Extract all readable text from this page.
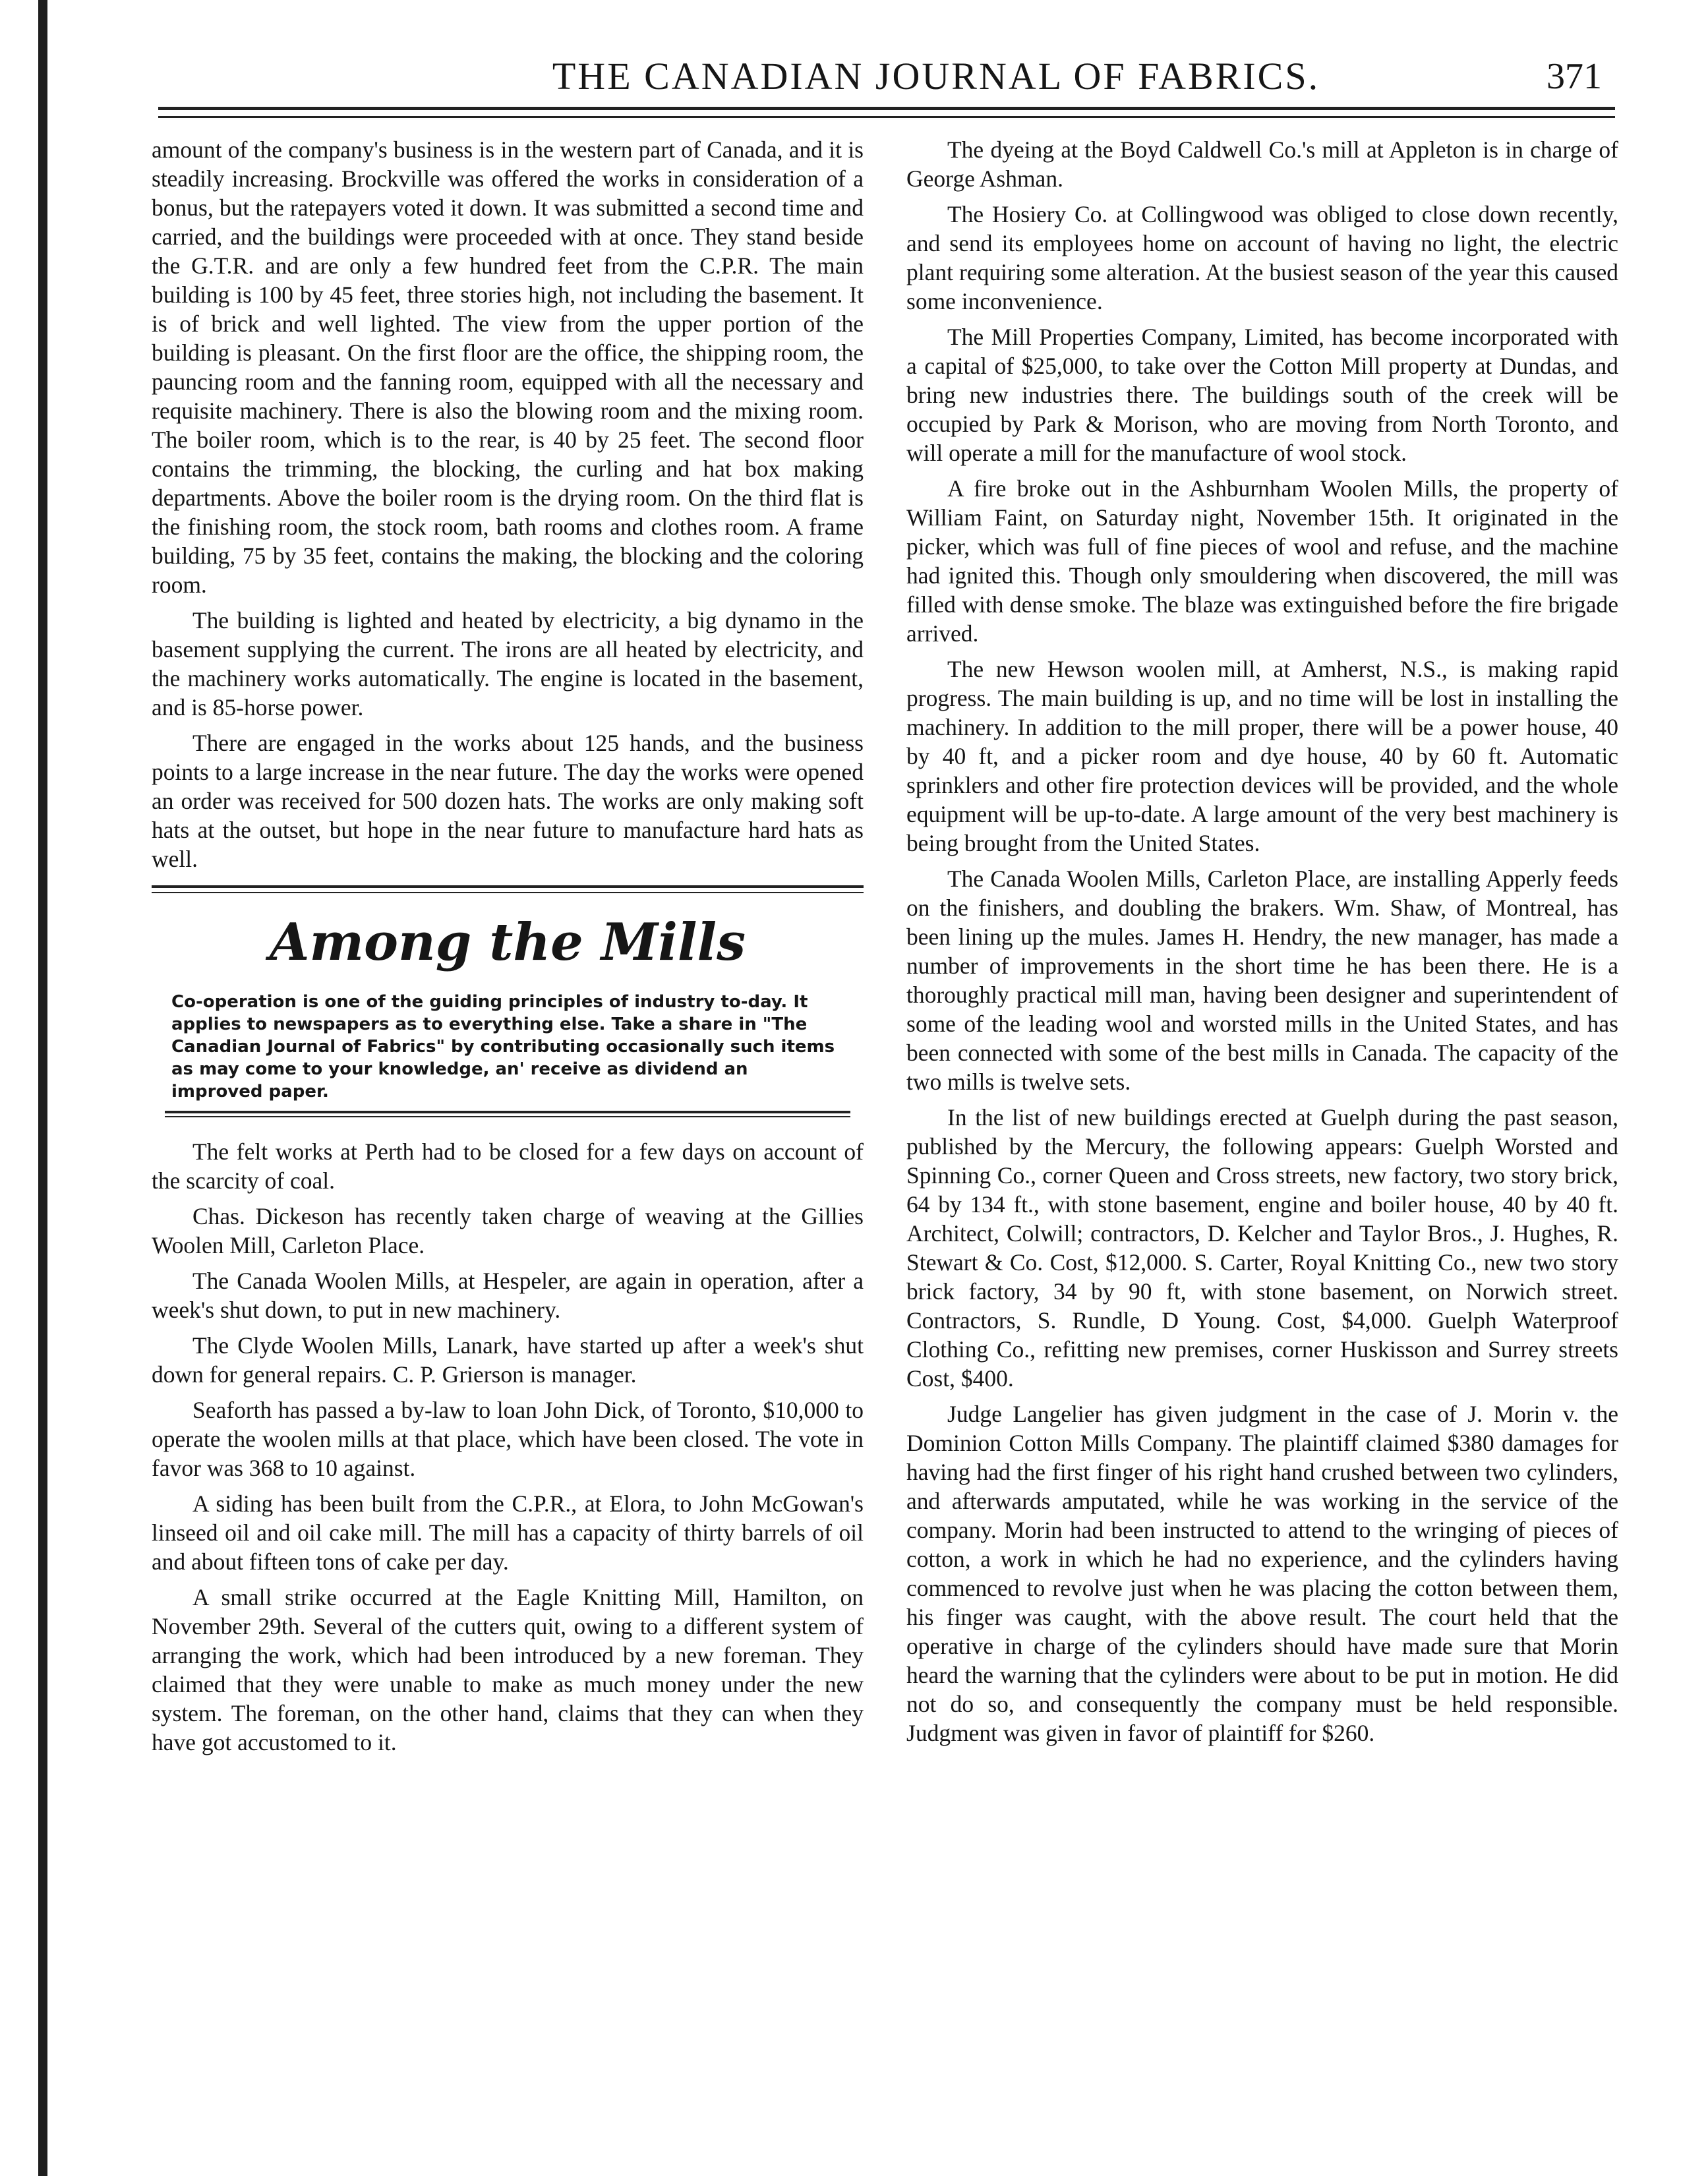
THE CANADIAN JOURNAL OF FABRICS.	371

amount of the company's business is in the western part of Canada, and it is steadily increasing. Brockville was offered the works in consideration of a bonus, but the ratepayers voted it down. It was submitted a second time and carried, and the buildings were proceeded with at once. They stand beside the G.T.R. and are only a few hundred feet from the C.P.R. The main building is 100 by 45 feet, three stories high, not including the basement. It is of brick and well lighted. The view from the upper portion of the building is pleasant. On the first floor are the office, the shipping room, the pauncing room and the fanning room, equipped with all the necessary and requisite machinery. There is also the blowing room and the mixing room. The boiler room, which is to the rear, is 40 by 25 feet. The second floor contains the trimming, the blocking, the curling and hat box making departments. Above the boiler room is the drying room. On the third flat is the finishing room, the stock room, bath rooms and clothes room. A frame building, 75 by 35 feet, contains the making, the blocking and the coloring room.

The building is lighted and heated by electricity, a big dynamo in the basement supplying the current. The irons are all heated by electricity, and the machinery works automatically. The engine is located in the basement, and is 85-horse power.

There are engaged in the works about 125 hands, and the business points to a large increase in the near future. The day the works were opened an order was received for 500 dozen hats. The works are only making soft hats at the outset, but hope in the near future to manufacture hard hats as well.

Among the Mills
Co-operation is one of the guiding principles of industry to-day. It applies to newspapers as to everything else. Take a share in "The Canadian Journal of Fabrics" by contributing occasionally such items as may come to your knowledge, an' receive as dividend an improved paper.

The felt works at Perth had to be closed for a few days on account of the scarcity of coal.

Chas. Dickeson has recently taken charge of weaving at the Gillies Woolen Mill, Carleton Place.

The Canada Woolen Mills, at Hespeler, are again in operation, after a week's shut down, to put in new machinery.

The Clyde Woolen Mills, Lanark, have started up after a week's shut down for general repairs. C. P. Grierson is manager.

Seaforth has passed a by-law to loan John Dick, of Toronto, $10,000 to operate the woolen mills at that place, which have been closed. The vote in favor was 368 to 10 against.

A siding has been built from the C.P.R., at Elora, to John McGowan's linseed oil and oil cake mill. The mill has a capacity of thirty barrels of oil and about fifteen tons of cake per day.

A small strike occurred at the Eagle Knitting Mill, Hamilton, on November 29th. Several of the cutters quit, owing to a different system of arranging the work, which had been introduced by a new foreman. They claimed that they were unable to make as much money under the new system. The foreman, on the other hand, claims that they can when they have got accustomed to it.

The dyeing at the Boyd Caldwell Co.'s mill at Appleton is in charge of George Ashman.

The Hosiery Co. at Collingwood was obliged to close down recently, and send its employees home on account of having no light, the electric plant requiring some alteration. At the busiest season of the year this caused some inconvenience.

The Mill Properties Company, Limited, has become incorporated with a capital of $25,000, to take over the Cotton Mill property at Dundas, and bring new industries there. The buildings south of the creek will be occupied by Park & Morison, who are moving from North Toronto, and will operate a mill for the manufacture of wool stock.

A fire broke out in the Ashburnham Woolen Mills, the property of William Faint, on Saturday night, November 15th. It originated in the picker, which was full of fine pieces of wool and refuse, and the machine had ignited this. Though only smouldering when discovered, the mill was filled with dense smoke. The blaze was extinguished before the fire brigade arrived.

The new Hewson woolen mill, at Amherst, N.S., is making rapid progress. The main building is up, and no time will be lost in installing the machinery. In addition to the mill proper, there will be a power house, 40 by 40 ft, and a picker room and dye house, 40 by 60 ft. Automatic sprinklers and other fire protection devices will be provided, and the whole equipment will be up-to-date. A large amount of the very best machinery is being brought from the United States.

The Canada Woolen Mills, Carleton Place, are installing Apperly feeds on the finishers, and doubling the brakers. Wm. Shaw, of Montreal, has been lining up the mules. James H. Hendry, the new manager, has made a number of improvements in the short time he has been there. He is a thoroughly practical mill man, having been designer and superintendent of some of the leading wool and worsted mills in the United States, and has been connected with some of the best mills in Canada. The capacity of the two mills is twelve sets.

In the list of new buildings erected at Guelph during the past season, published by the Mercury, the following appears: Guelph Worsted and Spinning Co., corner Queen and Cross streets, new factory, two story brick, 64 by 134 ft., with stone basement, engine and boiler house, 40 by 40 ft. Architect, Colwill; contractors, D. Kelcher and Taylor Bros., J. Hughes, R. Stewart & Co. Cost, $12,000. S. Carter, Royal Knitting Co., new two story brick factory, 34 by 90 ft, with stone basement, on Norwich street. Contractors, S. Rundle, D Young. Cost, $4,000. Guelph Waterproof Clothing Co., refitting new premises, corner Huskisson and Surrey streets Cost, $400.

Judge Langelier has given judgment in the case of J. Morin v. the Dominion Cotton Mills Company. The plaintiff claimed $380 damages for having had the first finger of his right hand crushed between two cylinders, and afterwards amputated, while he was working in the service of the company. Morin had been instructed to attend to the wringing of pieces of cotton, a work in which he had no experience, and the cylinders having commenced to revolve just when he was placing the cotton between them, his finger was caught, with the above result. The court held that the operative in charge of the cylinders should have made sure that Morin heard the warning that the cylinders were about to be put in motion. He did not do so, and consequently the company must be held responsible. Judgment was given in favor of plaintiff for $260.
